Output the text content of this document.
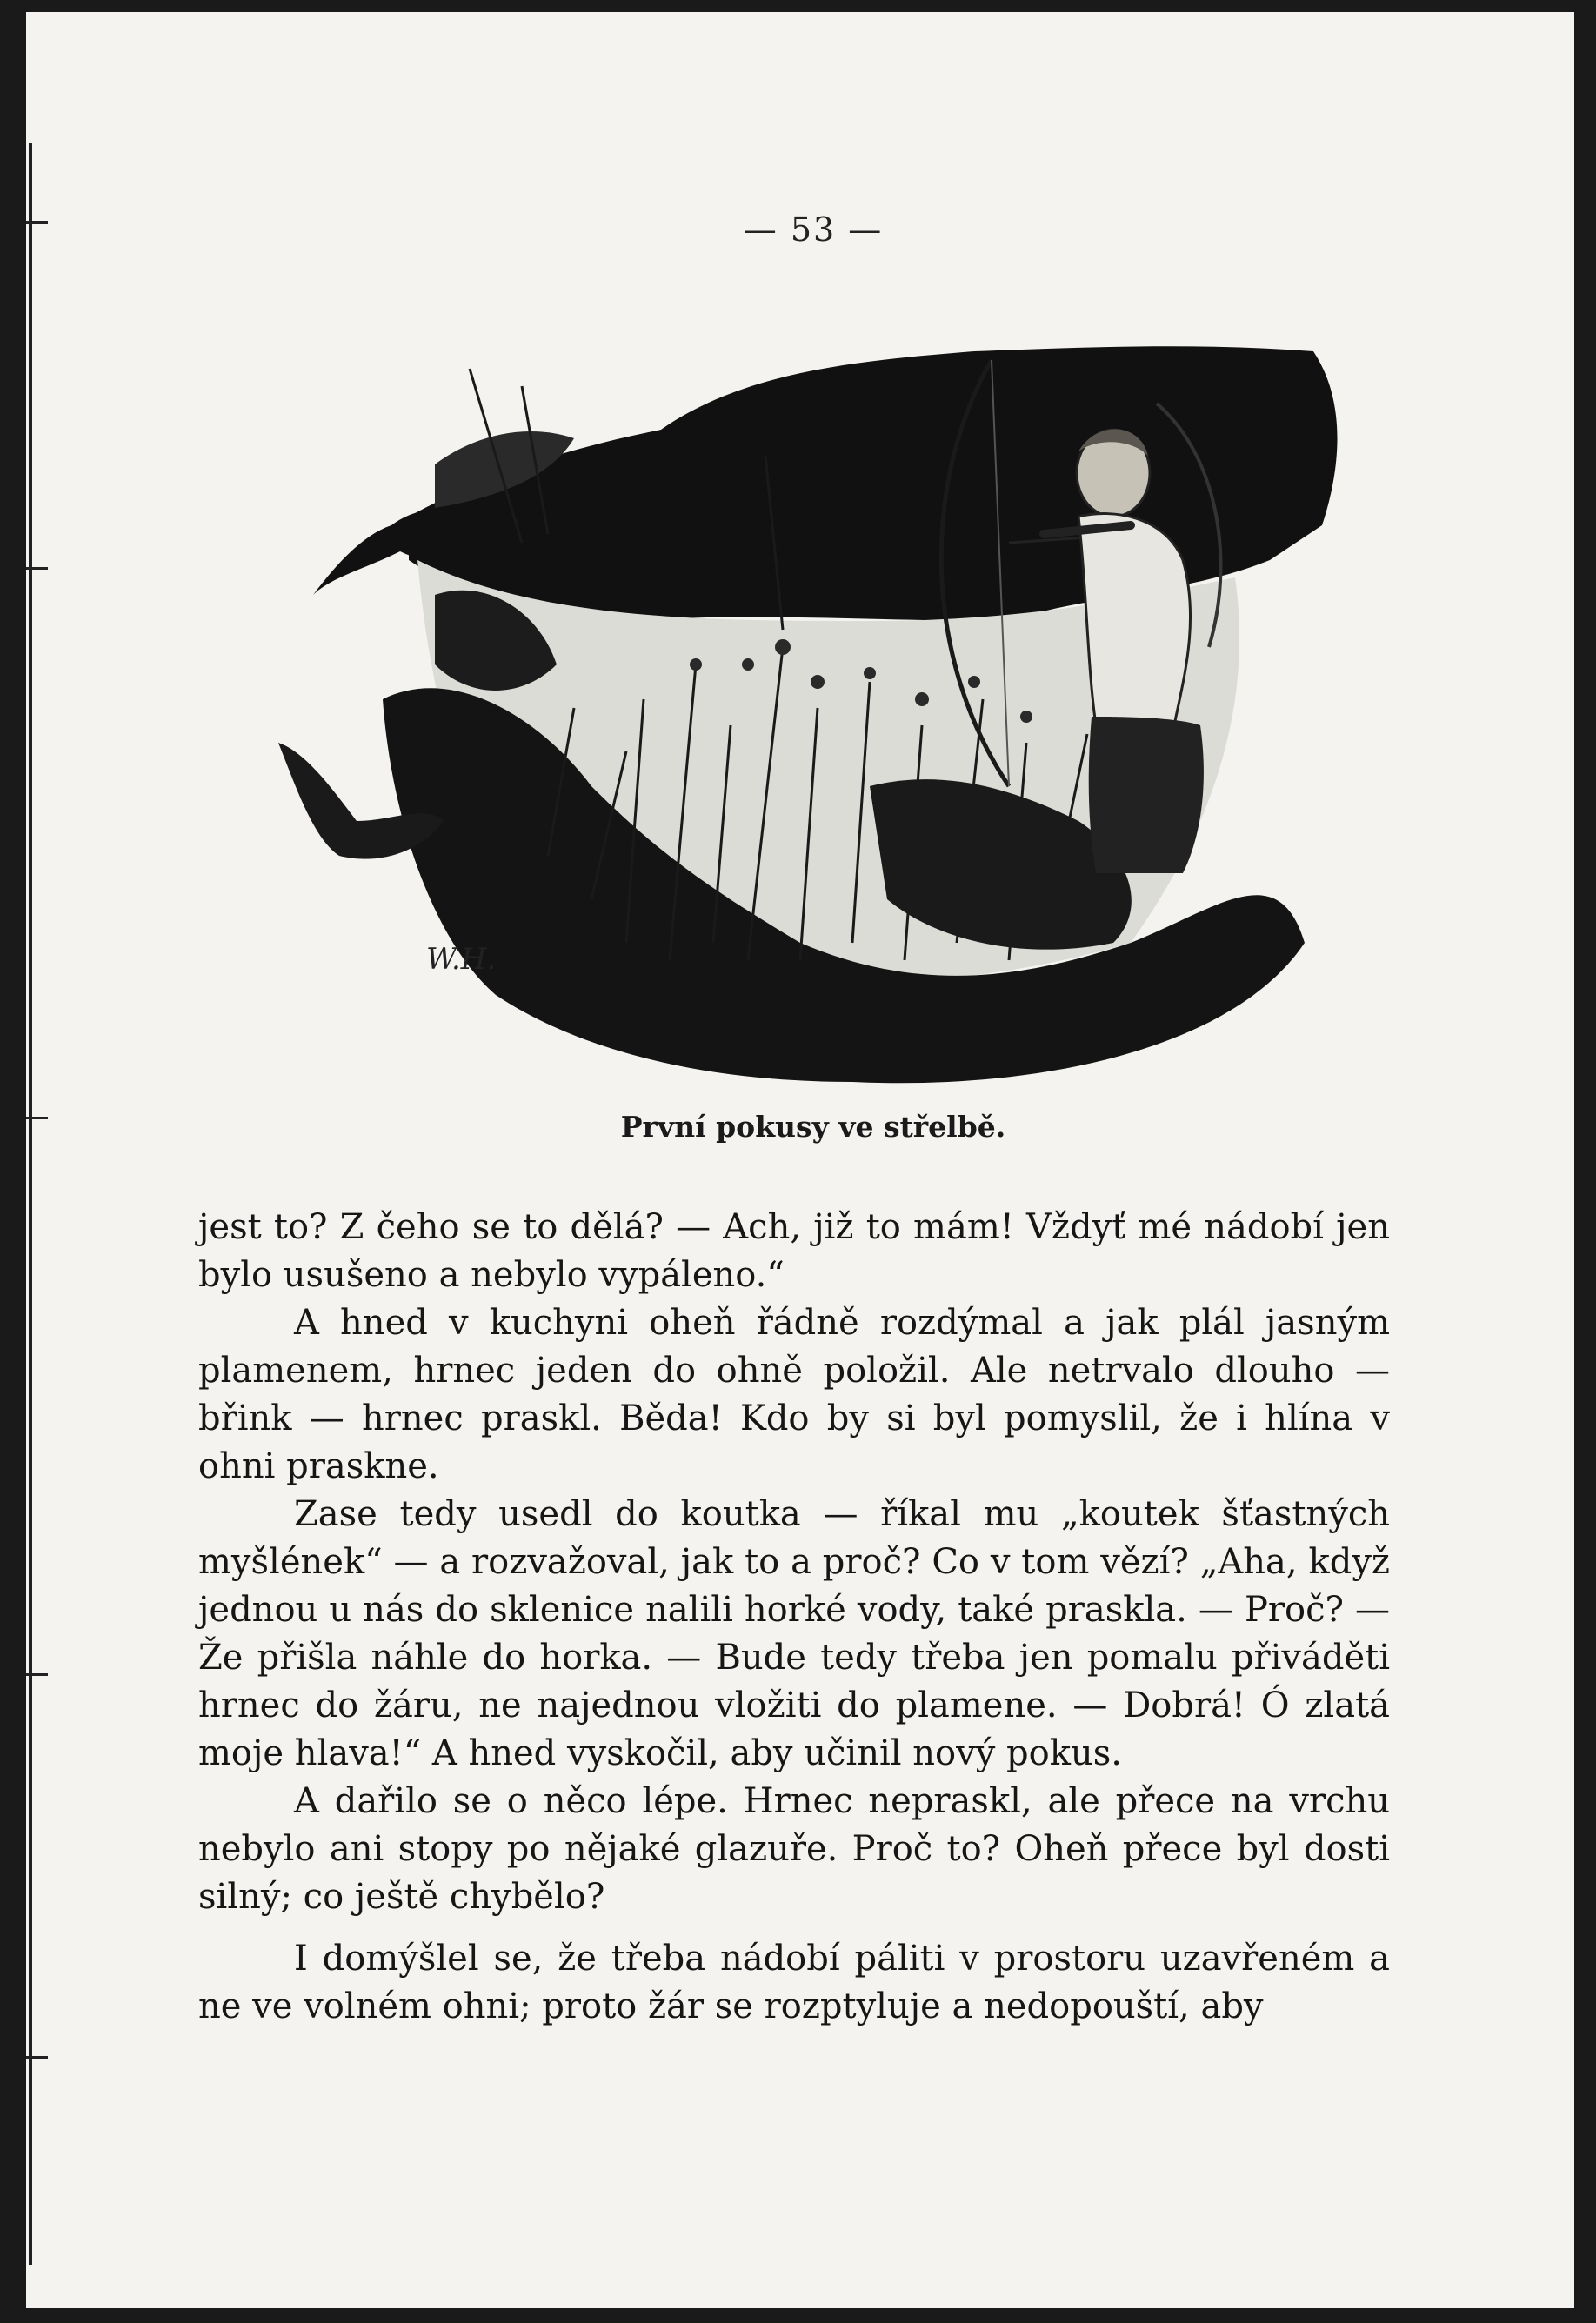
— 53 —
W.H.
První pokusy ve střelbě.

jest to? Z čeho se to dělá? — Ach, již to mám! Vždyť mé nádobí jen bylo usušeno a nebylo vypáleno.“

A hned v kuchyni oheň řádně rozdýmal a jak plál jasným plamenem, hrnec jeden do ohně položil. Ale netrvalo dlouho — břink — hrnec praskl. Běda! Kdo by si byl pomyslil, že i hlína v ohni praskne.

Zase tedy usedl do koutka — říkal mu „koutek šťastných myšlének“ — a rozvažoval, jak to a proč? Co v tom vězí? „Aha, když jednou u nás do sklenice nalili horké vody, také praskla. — Proč? — Že přišla náhle do horka. — Bude tedy třeba jen pomalu přiváděti hrnec do žáru, ne najednou vložiti do plamene. — Dobrá! Ó zlatá moje hlava!“ A hned vyskočil, aby učinil nový pokus.

A dařilo se o něco lépe. Hrnec nepraskl, ale přece na vrchu nebylo ani stopy po nějaké glazuře. Proč to? Oheň přece byl dosti silný; co ještě chybělo?

I domýšlel se, že třeba nádobí páliti v prostoru uzavřeném a ne ve volném ohni; proto žár se rozptyluje a nedopouští, aby
